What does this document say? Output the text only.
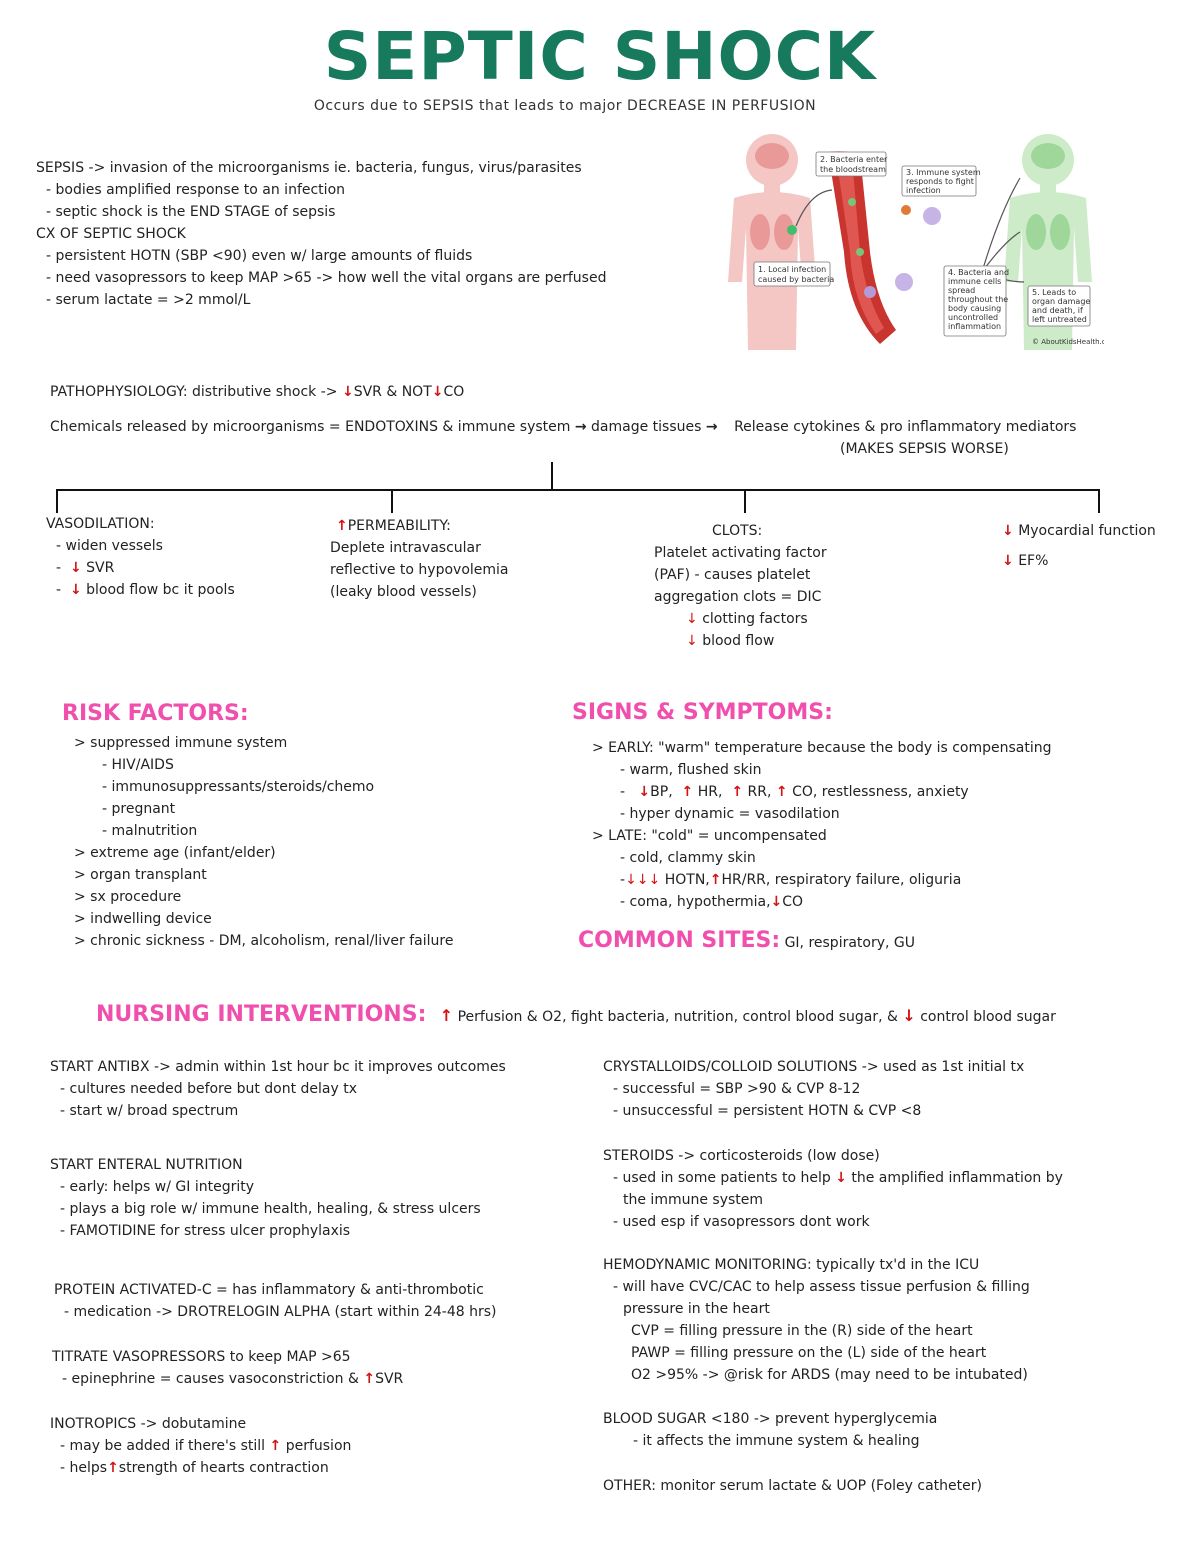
SEPTIC SHOCK
Occurs due to SEPSIS that leads to major DECREASE IN PERFUSION
SEPSIS -> invasion of the microorganisms ie. bacteria, fungus, virus/parasites
- bodies amplified response to an infection
- septic shock is the END STAGE of sepsis
CX OF SEPTIC SHOCK
- persistent HOTN (SBP <90) even w/ large amounts of fluids
- need vasopressors to keep MAP >65 -> how well the vital organs are perfused
- serum lactate = >2 mmol/L
1. Local infection
caused by bacteria
2. Bacteria enter
the bloodstream	3. Immune system
responds to fight
infection
4. Bacteria and
immune cells
spread
throughout the
body causing
uncontrolled
inflammation
5. Leads to
organ damage
and death, if
left untreated
© AboutKidsHealth.ca
PATHOPHYSIOLOGY: distributive shock -> ↓SVR & NOT↓CO
Chemicals released by microorganisms = ENDOTOXINS & immune system → damage tissues → Release cytokines & pro inflammatory mediators
(MAKES SEPSIS WORSE)
VASODILATION:
- widen vessels
-  ↓ SVR
-  ↓ blood flow bc it pools
↑PERMEABILITY:
Deplete intravascular
reflective to hypovolemia
(leaky blood vessels)
CLOTS:
Platelet activating factor
(PAF) - causes platelet
aggregation clots = DIC
↓ clotting factors
↓ blood flow
↓ Myocardial function
↓ EF%
RISK FACTORS:
> suppressed immune system
- HIV/AIDS
- immunosuppressants/steroids/chemo
- pregnant
- malnutrition
> extreme age (infant/elder)
> organ transplant
> sx procedure
> indwelling device
> chronic sickness - DM, alcoholism, renal/liver failure
SIGNS & SYMPTOMS:
> EARLY: "warm" temperature because the body is compensating
- warm, flushed skin
-   ↓BP, ↑ HR, ↑ RR, ↑ CO, restlessness, anxiety
- hyper dynamic = vasodilation
> LATE: "cold" = uncompensated
- cold, clammy skin
-↓↓↓ HOTN,↑HR/RR, respiratory failure, oliguria
- coma, hypothermia,↓CO
COMMON SITES: GI, respiratory, GU
NURSING INTERVENTIONS: ↑ Perfusion & O2, fight bacteria, nutrition, control blood sugar, & ↓ control blood sugar
START ANTIBX -> admin within 1st hour bc it improves outcomes
- cultures needed before but dont delay tx
- start w/ broad spectrum
START ENTERAL NUTRITION
- early: helps w/ GI integrity
- plays a big role w/ immune health, healing, & stress ulcers
- FAMOTIDINE for stress ulcer prophylaxis
PROTEIN ACTIVATED-C = has inflammatory & anti-thrombotic
- medication -> DROTRELOGIN ALPHA (start within 24-48 hrs)
TITRATE VASOPRESSORS to keep MAP >65
- epinephrine = causes vasoconstriction & ↑SVR
INOTROPICS -> dobutamine
- may be added if there's still ↑ perfusion
- helps↑strength of hearts contraction
CRYSTALLOIDS/COLLOID SOLUTIONS -> used as 1st initial tx
- successful = SBP >90 & CVP 8-12
- unsuccessful = persistent HOTN & CVP <8
STEROIDS -> corticosteroids (low dose)
- used in some patients to help ↓ the amplified inflammation by
the immune system
- used esp if vasopressors dont work
HEMODYNAMIC MONITORING: typically tx'd in the ICU
- will have CVC/CAC to help assess tissue perfusion & filling
pressure in the heart
CVP = filling pressure in the (R) side of the heart
PAWP = filling pressure on the (L) side of the heart
O2 >95% -> @risk for ARDS (may need to be intubated)
BLOOD SUGAR <180 -> prevent hyperglycemia
- it affects the immune system & healing
OTHER: monitor serum lactate & UOP (Foley catheter)
